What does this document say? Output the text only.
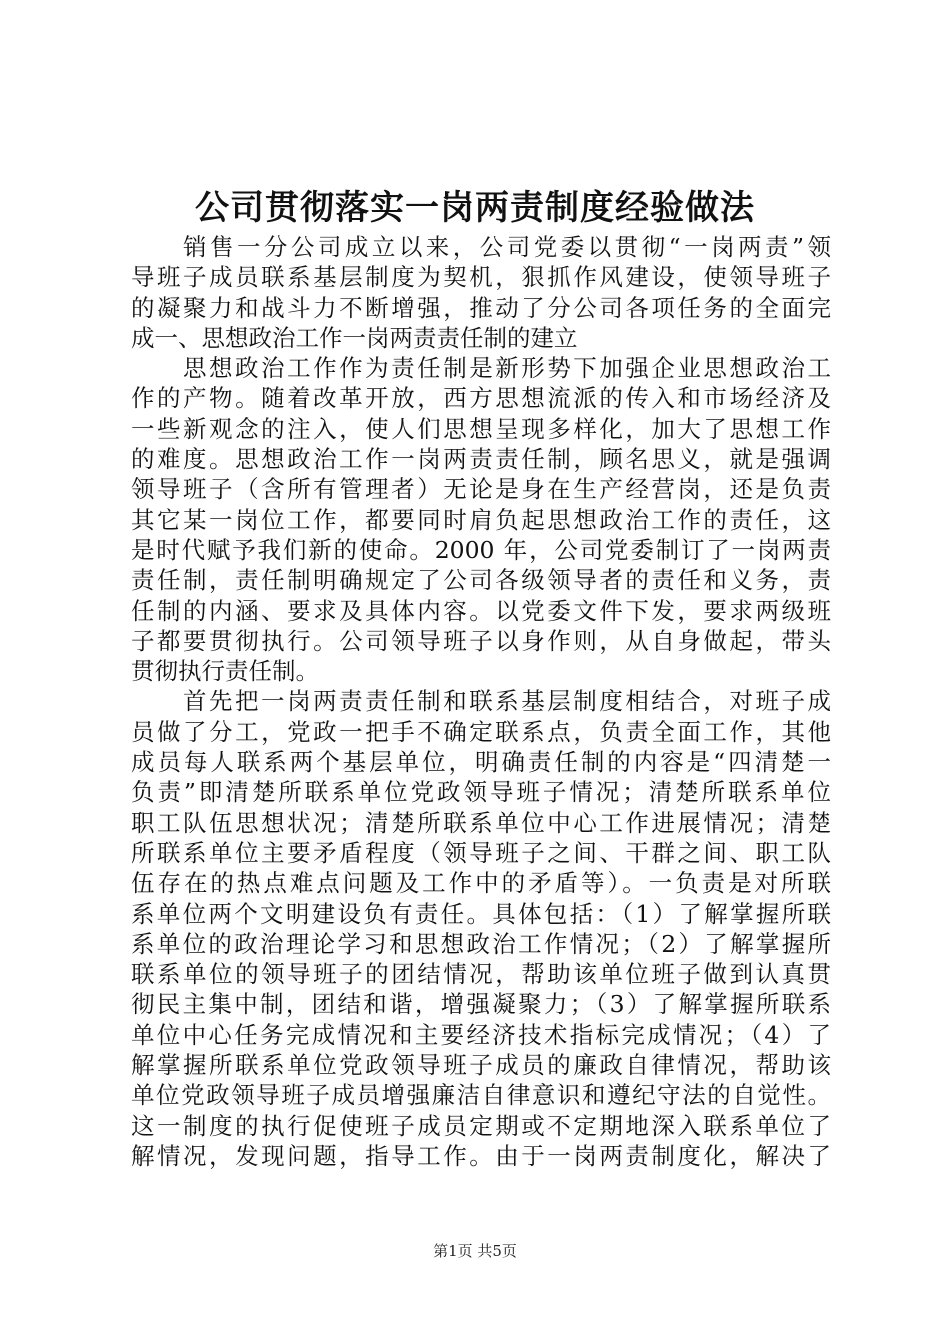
公司贯彻落实一岗两责制度经验做法
销售一分公司成立以来，公司党委以贯彻“一岗两责”领
导班子成员联系基层制度为契机，狠抓作风建设，使领导班子
的凝聚力和战斗力不断增强，推动了分公司各项任务的全面完
成一、思想政治工作一岗两责责任制的建立
思想政治工作作为责任制是新形势下加强企业思想政治工
作的产物。随着改革开放，西方思想流派的传入和市场经济及
一些新观念的注入，使人们思想呈现多样化，加大了思想工作
的难度。思想政治工作一岗两责责任制，顾名思义，就是强调
领导班子（含所有管理者）无论是身在生产经营岗，还是负责
其它某一岗位工作，都要同时肩负起思想政治工作的责任，这
是时代赋予我们新的使命。2000 年，公司党委制订了一岗两责
责任制，责任制明确规定了公司各级领导者的责任和义务，责
任制的内涵、要求及具体内容。以党委文件下发，要求两级班
子都要贯彻执行。公司领导班子以身作则，从自身做起，带头
贯彻执行责任制。
首先把一岗两责责任制和联系基层制度相结合，对班子成
员做了分工，党政一把手不确定联系点，负责全面工作，其他
成员每人联系两个基层单位，明确责任制的内容是“四清楚一
负责”即清楚所联系单位党政领导班子情况；清楚所联系单位
职工队伍思想状况；清楚所联系单位中心工作进展情况；清楚
所联系单位主要矛盾程度（领导班子之间、干群之间、职工队
伍存在的热点难点问题及工作中的矛盾等）。一负责是对所联
系单位两个文明建设负有责任。具体包括：（1）了解掌握所联
系单位的政治理论学习和思想政治工作情况；（2）了解掌握所
联系单位的领导班子的团结情况，帮助该单位班子做到认真贯
彻民主集中制，团结和谐，增强凝聚力；（3）了解掌握所联系
单位中心任务完成情况和主要经济技术指标完成情况；（4）了
解掌握所联系单位党政领导班子成员的廉政自律情况，帮助该
单位党政领导班子成员增强廉洁自律意识和遵纪守法的自觉性。
这一制度的执行促使班子成员定期或不定期地深入联系单位了
解情况，发现问题，指导工作。由于一岗两责制度化，解决了
第1页 共5页
